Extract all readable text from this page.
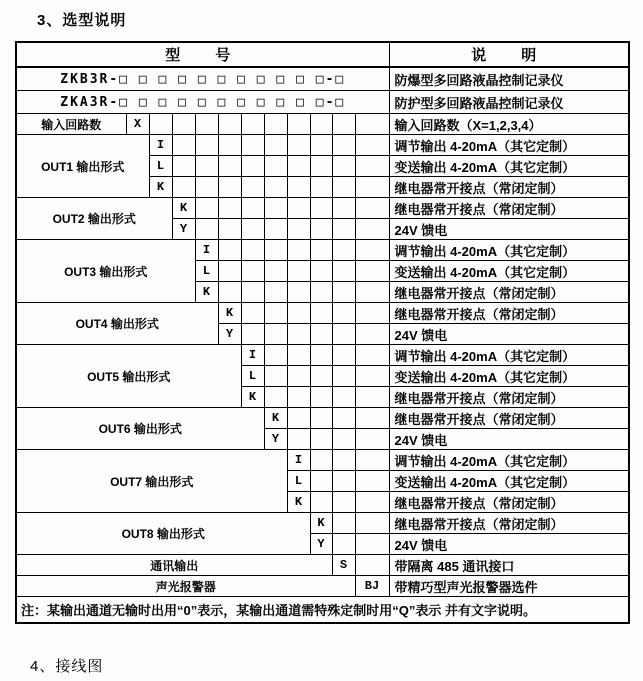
3、选型说明
型　号												说　明
ZKB3R-□ □ □ □ □ □ □ □ □ □ □-□												防爆型多回路液晶控制记录仪
ZKA3R-□ □ □ □ □ □ □ □ □ □ □-□												防护型多回路液晶控制记录仪
输入回路数	X											输入回路数（X=1,2,3,4）
OUT1 输出形式		I										调节输出 4-20mA（其它定制）
		L										变送输出 4-20mA（其它定制）
		K										继电器常开接点（常闭定制）
OUT2 输出形式			K									继电器常开接点（常闭定制）
			Y									24V 馈电
OUT3 输出形式				I								调节输出 4-20mA（其它定制）
				L								变送输出 4-20mA（其它定制）
				K								继电器常开接点（常闭定制）
OUT4 输出形式					K							继电器常开接点（常闭定制）
					Y							24V 馈电
OUT5 输出形式						I						调节输出 4-20mA（其它定制）
						L						变送输出 4-20mA（其它定制）
						K						继电器常开接点（常闭定制）
OUT6 输出形式							K					继电器常开接点（常闭定制）
							Y					24V 馈电
OUT7 输出形式								I				调节输出 4-20mA（其它定制）
								L				变送输出 4-20mA（其它定制）
								K				继电器常开接点（常闭定制）
OUT8 输出形式									K			继电器常开接点（常闭定制）
									Y			24V 馈电
通讯输出										S		带隔离 485 通讯接口
声光报警器											BJ	带精巧型声光报警器选件
注：某输出通道无输时出用“0”表示，某输出通道需特殊定制时用“Q”表示 并有文字说明。												
4、接线图
